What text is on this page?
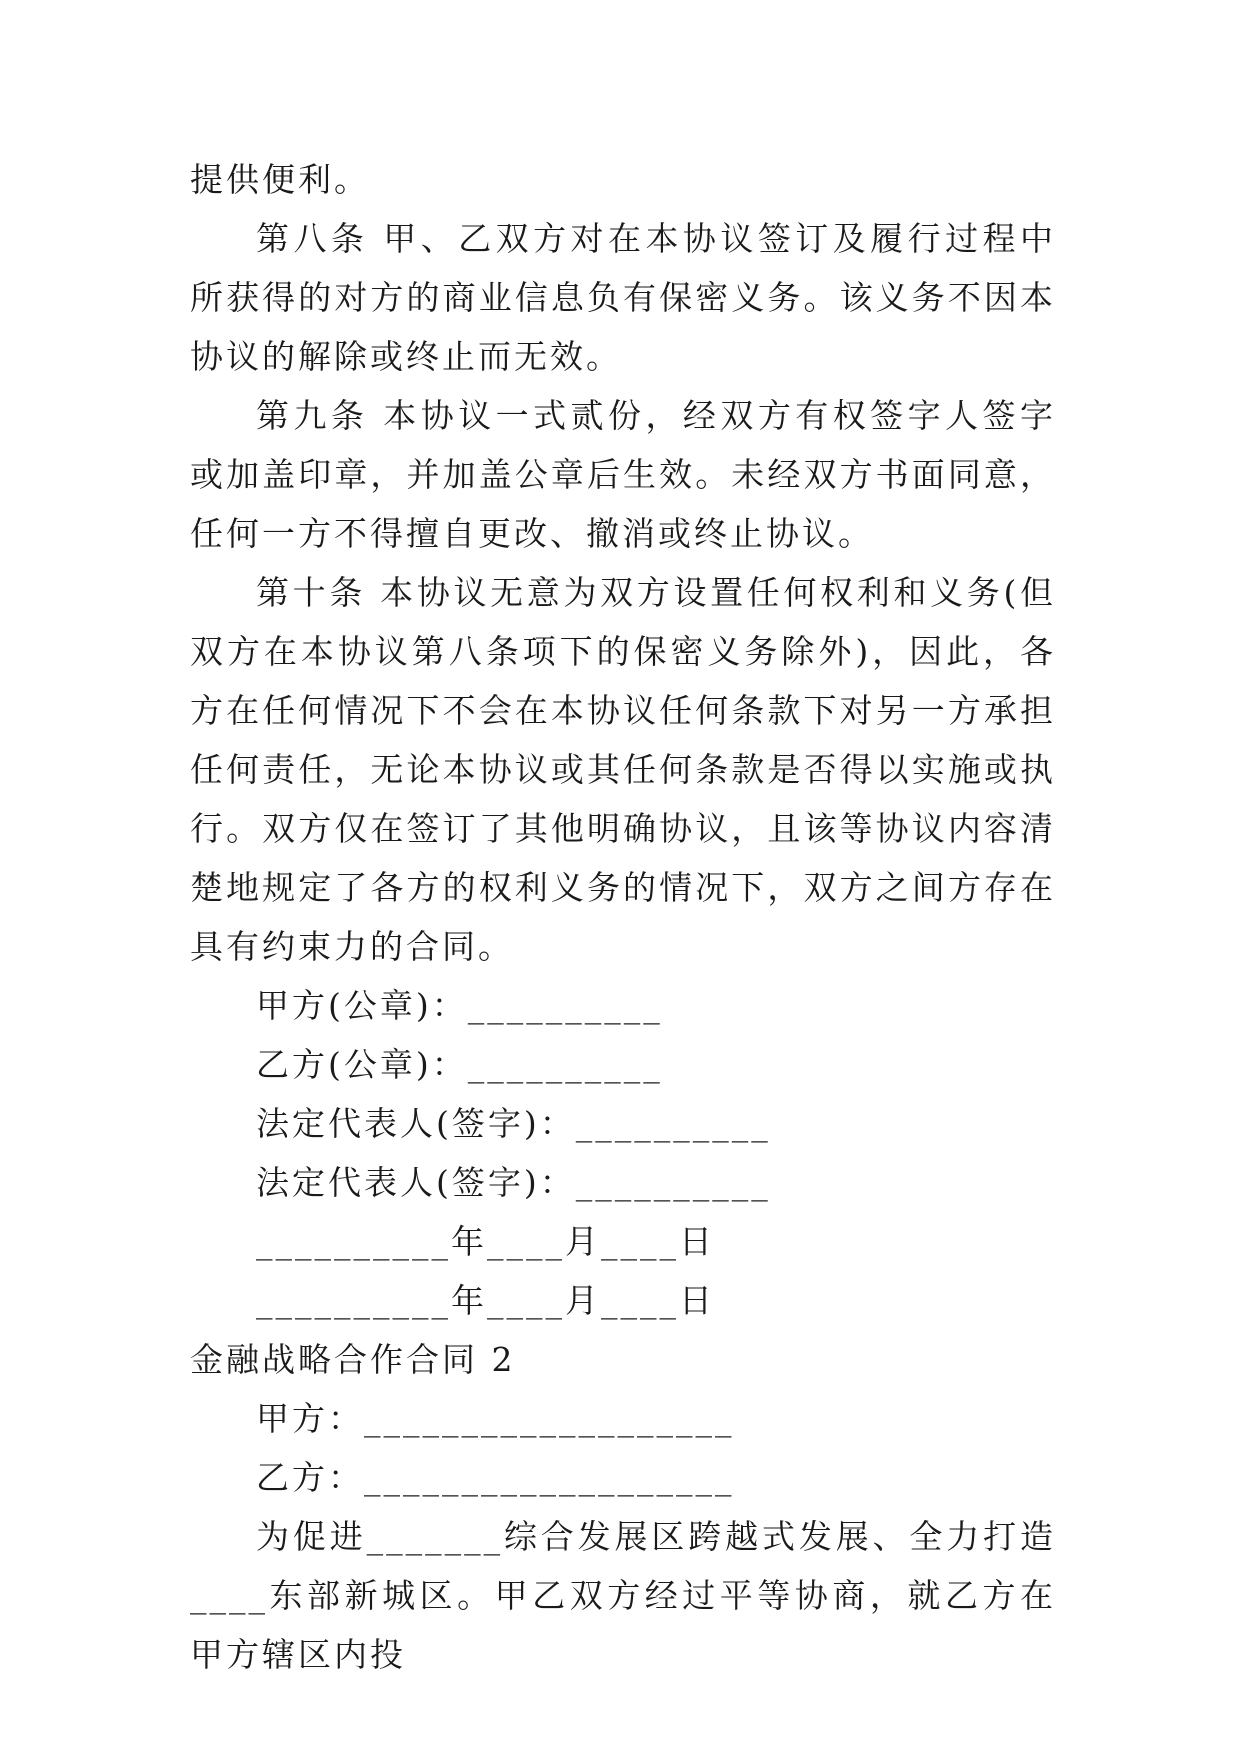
提供便利。

第八条 甲、乙双方对在本协议签订及履行过程中所获得的对方的商业信息负有保密义务。该义务不因本协议的解除或终止而无效。

第九条 本协议一式贰份，经双方有权签字人签字或加盖印章，并加盖公章后生效。未经双方书面同意，任何一方不得擅自更改、撤消或终止协议。

第十条 本协议无意为双方设置任何权利和义务(但双方在本协议第八条项下的保密义务除外)，因此，各方在任何情况下不会在本协议任何条款下对另一方承担任何责任，无论本协议或其任何条款是否得以实施或执行。双方仅在签订了其他明确协议，且该等协议内容清楚地规定了各方的权利义务的情况下，双方之间方存在具有约束力的合同。

甲方(公章)：__________

乙方(公章)：__________

法定代表人(签字)：__________

法定代表人(签字)：__________

__________年____月____日

__________年____月____日

金融战略合作合同 2

甲方：___________________

乙方：___________________

为促进_______综合发展区跨越式发展、全力打造____东部新城区。甲乙双方经过平等协商，就乙方在甲方辖区内投
